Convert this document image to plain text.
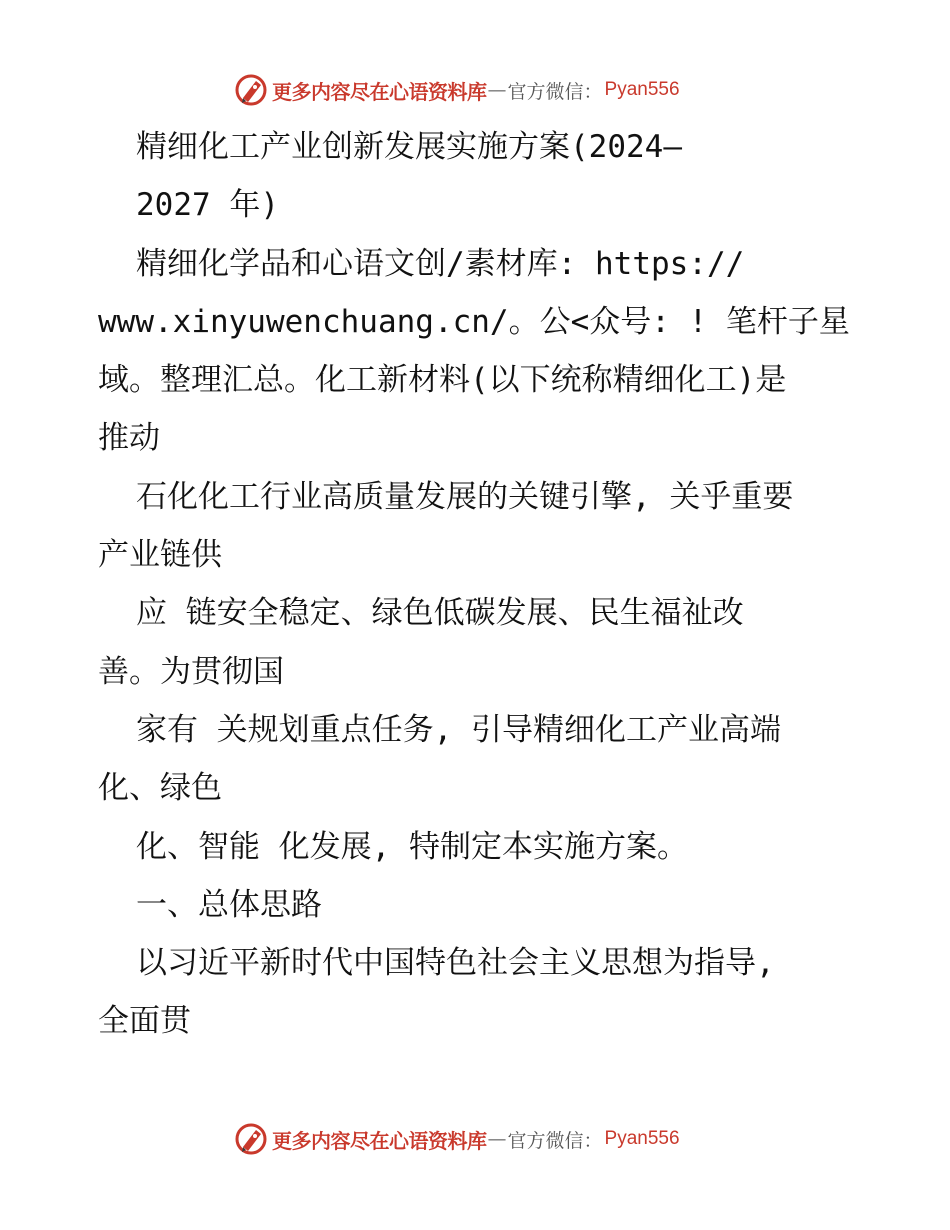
更多内容尽在心语资料库 — 官方微信： Pyan556
精细化工产业创新发展实施方案(2024—
2027 年)
精细化学品和心语文创/素材库: https://
www.xinyuwenchuang.cn/。公<众号: ! 笔杆子星
域。整理汇总。化工新材料(以下统称精细化工)是
推动
石化化工行业高质量发展的关键引擎, 关乎重要
产业链供
应 链安全稳定、绿色低碳发展、民生福祉改
善。为贯彻国
家有 关规划重点任务, 引导精细化工产业高端
化、绿色
化、智能 化发展, 特制定本实施方案。
一、总体思路
以习近平新时代中国特色社会主义思想为指导,
全面贯
更多内容尽在心语资料库 — 官方微信： Pyan556
